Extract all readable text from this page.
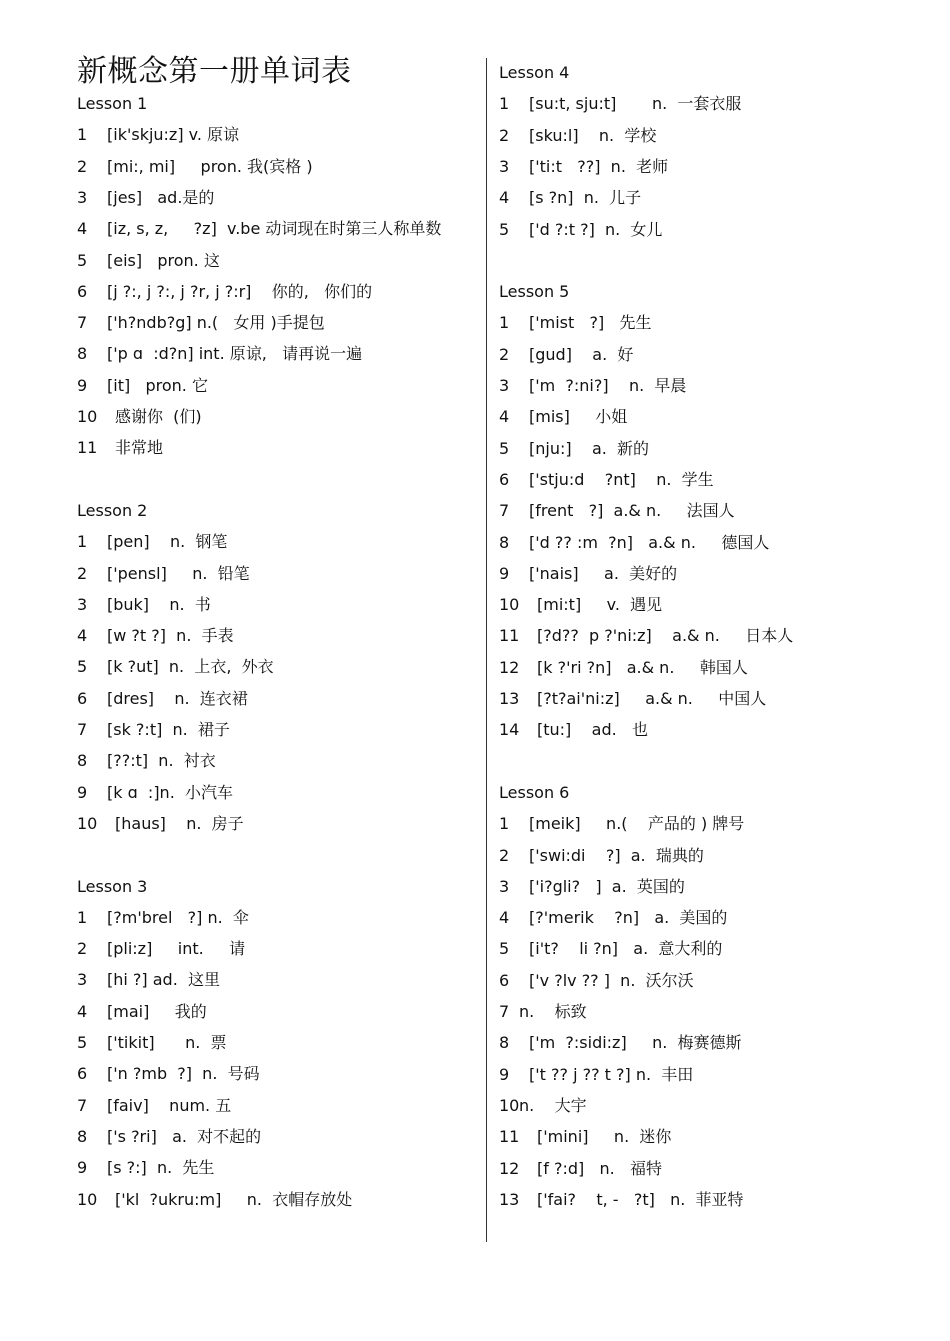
新概念第一册单词表
Lesson 1
1 [ik'skju:z] v. 原谅
2 [mi:, mi]     pron. 我(宾格 )
3 [jes]   ad.是的
4 [iz, s, z,     ?z]  v.be 动词现在时第三人称单数
5 [eis]   pron. 这
6 [j ?:, j ?:, j ?r, j ?:r]    你的,   你们的
7 ['h?ndb?g] n.(   女用 )手提包
8 ['p ɑ  :d?n] int. 原谅,   请再说一遍
9 [it]   pron. 它
10 感谢你  (们)
11 非常地
Lesson 2
1 [pen]    n.  钢笔
2 ['pensl]     n.  铅笔
3 [buk]    n.  书
4 [w ?t ?]  n.  手表
5 [k ?ut]  n.  上衣,  外衣
6 [dres]    n.  连衣裙
7 [sk ?:t]  n.  裙子
8 [??:t]  n.  衬衣
9 [k ɑ  :]n.  小汽车
10 [haus]    n.  房子
Lesson 3
1 [?m'brel   ?] n.  伞
2 [pli:z]     int.     请
3 [hi ?] ad.  这里
4 [mai]     我的
5 ['tikit]      n.  票
6 ['n ?mb  ?]  n.  号码
7 [faiv]    num. 五
8 ['s ?ri]   a.  对不起的
9 [s ?:]  n.  先生
10 ['kl  ?ukru:m]     n.  衣帽存放处
Lesson 4
1 [su:t, sju:t]       n.  一套衣服
2 [sku:l]    n.  学校
3 ['ti:t   ??]  n.  老师
4 [s ?n]  n.  儿子
5 ['d ?:t ?]  n.  女儿
Lesson 5
1 ['mist   ?]   先生
2 [gud]    a.  好
3 ['m  ?:ni?]    n.  早晨
4 [mis]     小姐
5 [nju:]    a.  新的
6 ['stju:d    ?nt]    n.  学生
7 [frent   ?]  a.& n.     法国人
8 ['d ?? :m  ?n]   a.& n.     德国人
9 ['nais]     a.  美好的
10 [mi:t]     v.  遇见
11 [?d??  p ?'ni:z]    a.& n.     日本人
12 [k ?'ri ?n]   a.& n.     韩国人
13 [?t?ai'ni:z]     a.& n.     中国人
14 [tu:]    ad.   也
Lesson 6
1 [meik]     n.(    产品的 ) 牌号
2 ['swi:di    ?]  a.  瑞典的
3 ['i?gli?   ]  a.  英国的
4 [?'merik    ?n]   a.  美国的
5 [i't?    li ?n]   a.  意大利的
6 ['v ?lv ?? ]  n.  沃尔沃
7 n.    标致
8 ['m  ?:sidi:z]     n.  梅赛德斯
9 ['t ?? j ?? t ?] n.  丰田
10n.    大宇
11 ['mini]     n.  迷你
12 [f ?:d]   n.   福特
13 ['fai?    t, -   ?t]   n.  菲亚特
